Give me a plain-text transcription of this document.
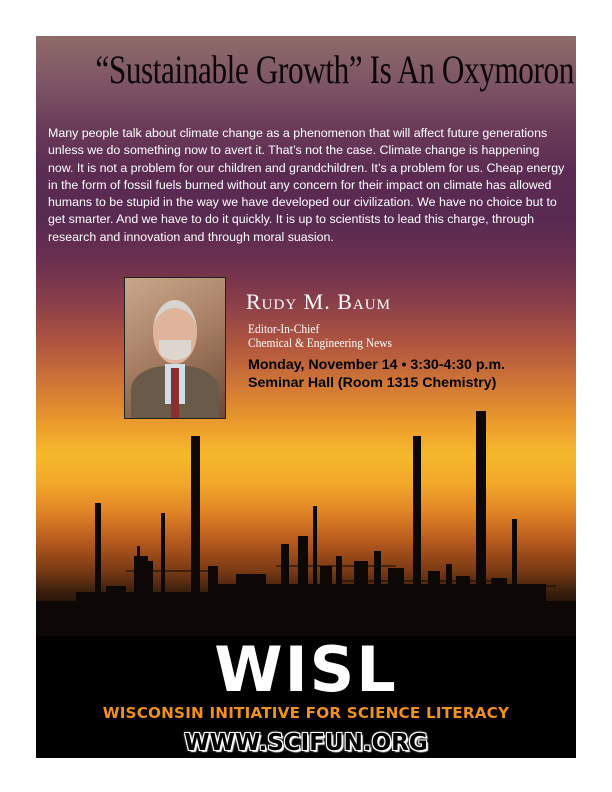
“Sustainable Growth” Is An Oxymoron
Many people talk about climate change as a phenomenon that will affect future generations unless we do something now to avert it. That’s not the case. Climate change is happening now. It is not a problem for our children and grandchildren. It’s a problem for us. Cheap energy in the form of fossil fuels burned without any concern for their impact on climate has allowed humans to be stupid in the way we have developed our civilization. We have no choice but to get smarter. And we have to do it quickly. It is up to scientists to lead this charge, through research and innovation and through moral suasion.
Rudy M. Baum
Editor-In-Chief
Chemical & Engineering News
Monday, November 14 • 3:30-4:30 p.m.
Seminar Hall (Room 1315 Chemistry)
WISL
WISCONSIN INITIATIVE FOR SCIENCE LITERACY
WWW.SCIFUN.ORG
